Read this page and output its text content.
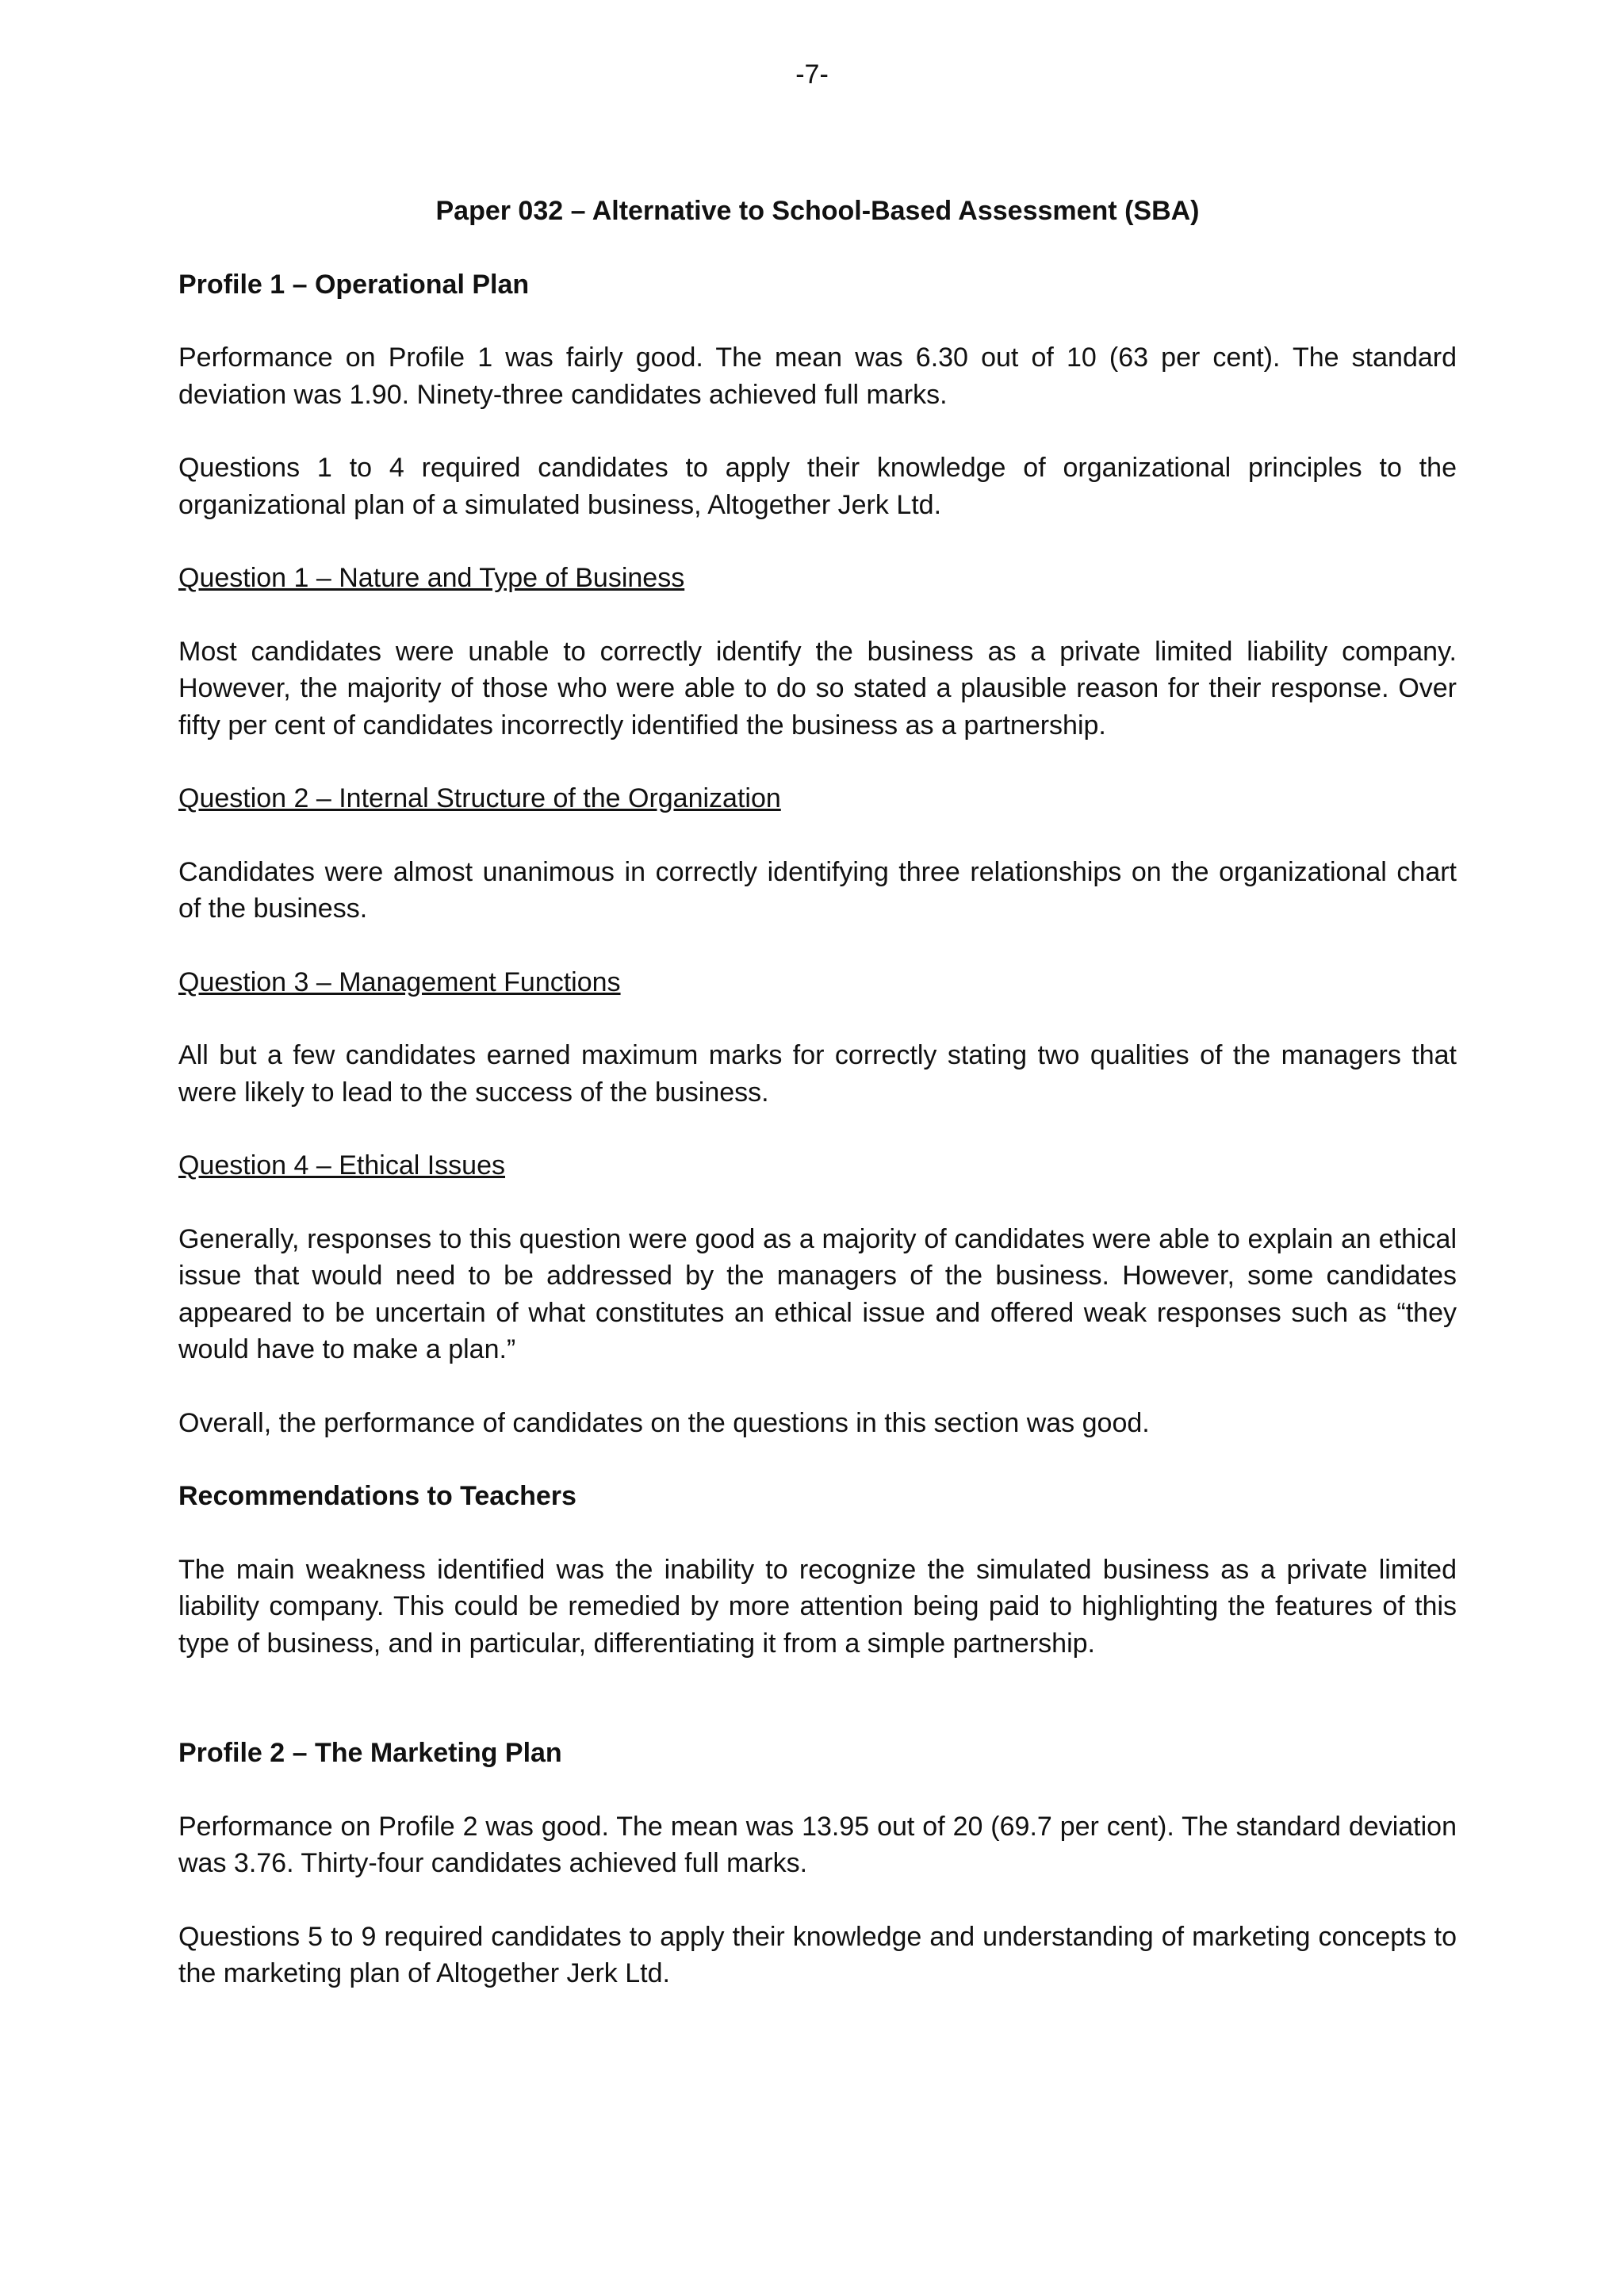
-7-
Paper 032 – Alternative to School-Based Assessment (SBA)
Profile 1 – Operational Plan

Performance on Profile 1 was fairly good. The mean was 6.30 out of 10 (63 per cent). The standard deviation was 1.90. Ninety-three candidates achieved full marks.

Questions 1 to 4 required candidates to apply their knowledge of organizational principles to the organizational plan of a simulated business, Altogether Jerk Ltd.

Question 1 – Nature and Type of Business

Most candidates were unable to correctly identify the business as a private limited liability company. However, the majority of those who were able to do so stated a plausible reason for their response. Over fifty per cent of candidates incorrectly identified the business as a partnership.

Question 2 – Internal Structure of the Organization

Candidates were almost unanimous in correctly identifying three relationships on the organizational chart of the business.

Question 3 – Management Functions

All but a few candidates earned maximum marks for correctly stating two qualities of the managers that were likely to lead to the success of the business.

Question 4 – Ethical Issues

Generally, responses to this question were good as a majority of candidates were able to explain an ethical issue that would need to be addressed by the managers of the business. However, some candidates appeared to be uncertain of what constitutes an ethical issue and offered weak responses such as “they would have to make a plan.”

Overall, the performance of candidates on the questions in this section was good.

Recommendations to Teachers

The main weakness identified was the inability to recognize the simulated business as a private limited liability company. This could be remedied by more attention being paid to highlighting the features of this type of business, and in particular, differentiating it from a simple partnership.

Profile 2 – The Marketing Plan

Performance on Profile 2 was good. The mean was 13.95 out of 20 (69.7 per cent). The standard deviation was 3.76. Thirty-four candidates achieved full marks.

Questions 5 to 9 required candidates to apply their knowledge and understanding of marketing concepts to the marketing plan of Altogether Jerk Ltd.
